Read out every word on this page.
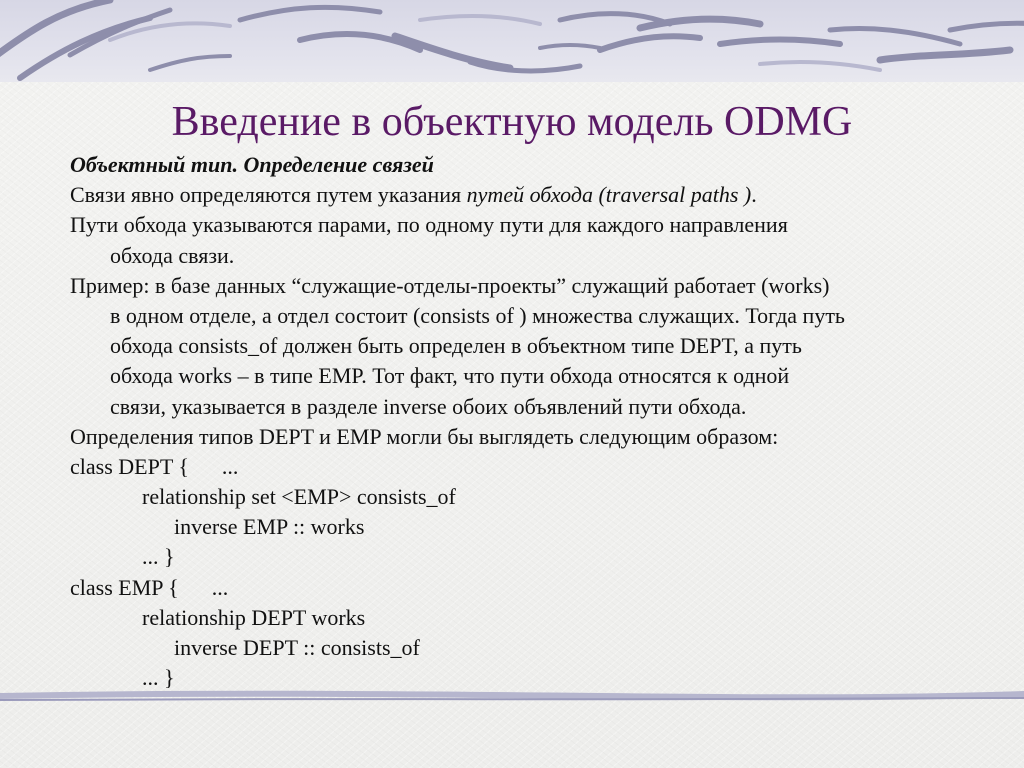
Введение в объектную модель ODMG
Объектный тип. Определение связей
Связи явно определяются путем указания путей обхода (traversal paths ).
Пути обхода указываются парами, по одному пути для каждого направления
обхода связи.
Пример: в базе данных “служащие-отделы-проекты” служащий работает (works)
в одном отделе, а отдел состоит (consists of ) множества служащих. Тогда путь
обхода consists_of должен быть определен в объектном типе DEPT, а путь
обхода works – в типе EMP. Тот факт, что пути обхода относятся к одной
связи, указывается в разделе inverse обоих объявлений пути обхода.
Определения типов DEPT и EMP могли бы выглядеть следующим образом:
class DEPT {      ...
relationship set <EMP> consists_of
inverse EMP :: works
... }
class EMP {      ...
relationship DEPT works
inverse DEPT :: consists_of
... }
